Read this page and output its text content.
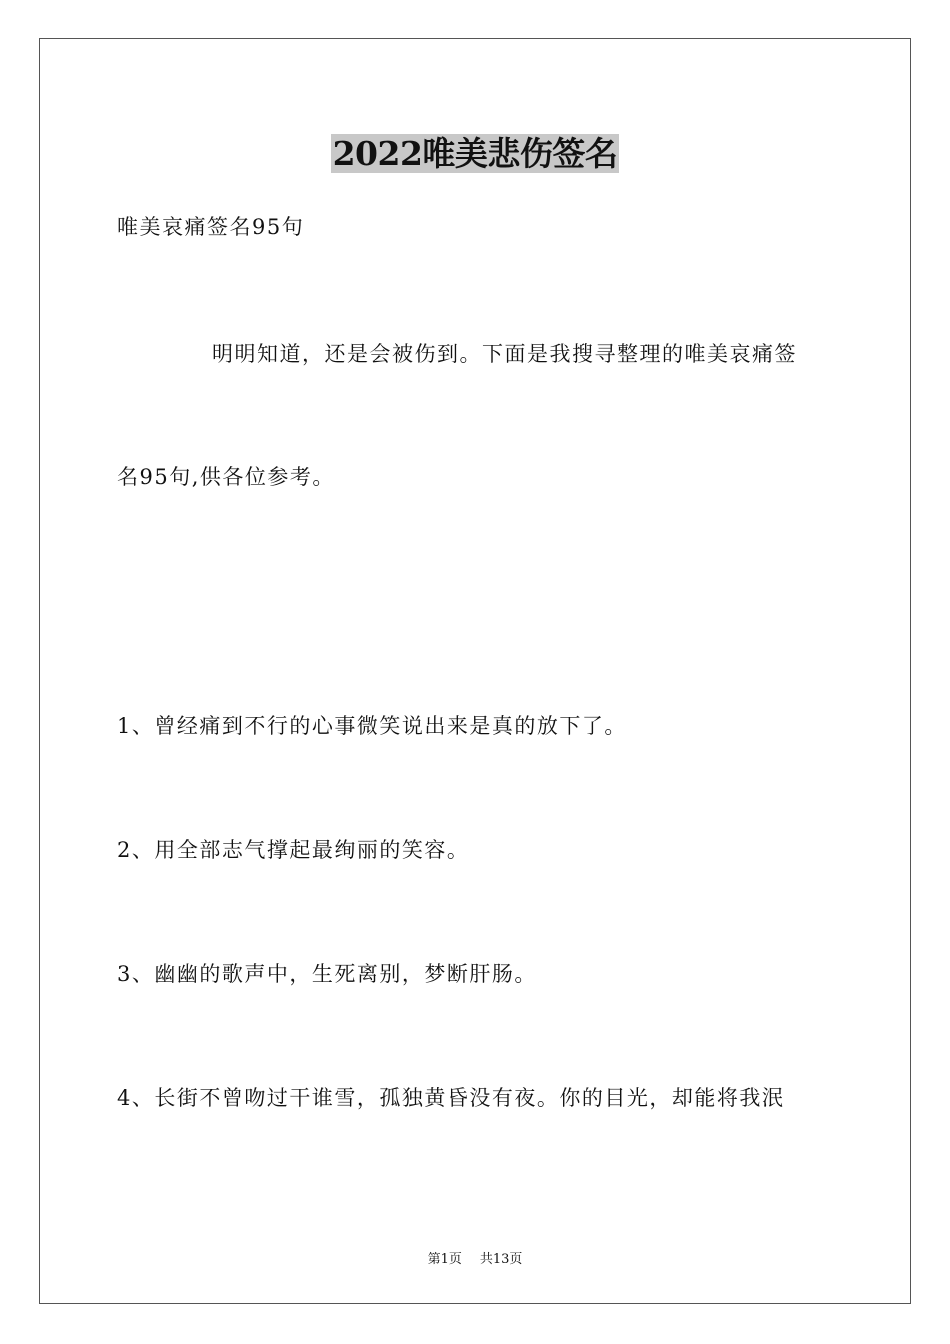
2022唯美悲伤签名
唯美哀痛签名95句
明明知道，还是会被伤到。下面是我搜寻整理的唯美哀痛签
名95句,供各位参考。
1、曾经痛到不行的心事微笑说出来是真的放下了。
2、用全部志气撑起最绚丽的笑容。
3、幽幽的歌声中，生死离别，梦断肝肠。
4、长街不曾吻过干谁雪，孤独黄昏没有夜。你的目光，却能将我泯
第1页 共13页
